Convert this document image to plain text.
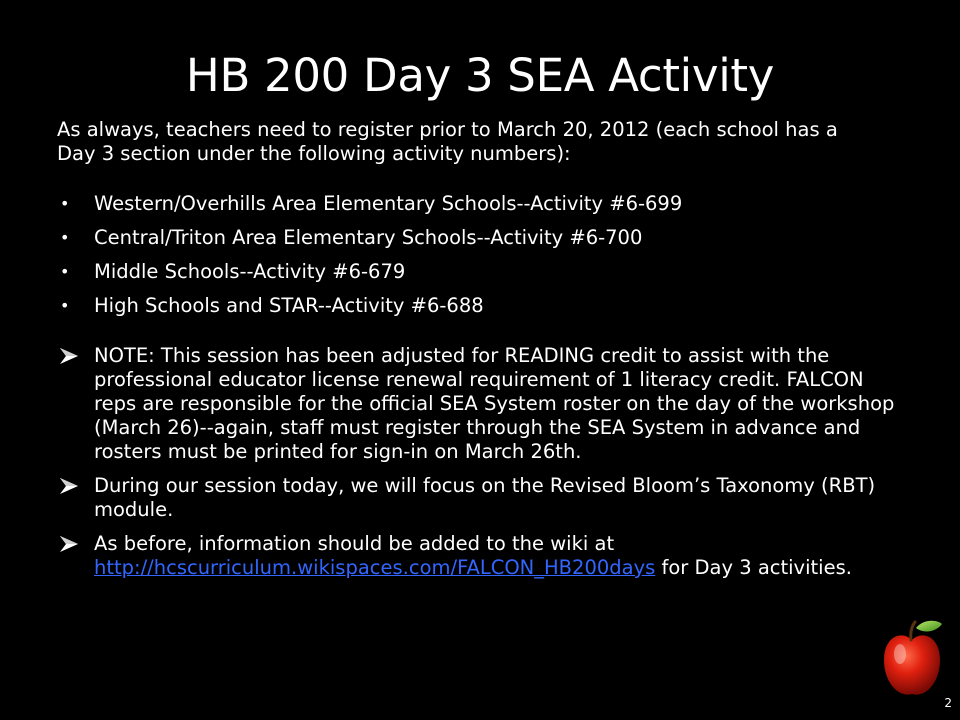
HB 200 Day 3 SEA Activity

As always, teachers need to register prior to March 20, 2012 (each school has a Day 3 section under the following activity numbers):

• Western/Overhills Area Elementary Schools--Activity #6-699
• Central/Triton Area Elementary Schools--Activity #6-700
• Middle Schools--Activity #6-679
• High Schools and STAR--Activity #6-688
NOTE: This session has been adjusted for READING credit to assist with the professional educator license renewal requirement of 1 literacy credit. FALCON reps are responsible for the official SEA System roster on the day of the workshop (March 26)--again, staff must register through the SEA System in advance and rosters must be printed for sign-in on March 26th.
During our session today, we will focus on the Revised Bloom’s Taxonomy (RBT) module.
As before, information should be added to the wiki at http://hcscurriculum.wikispaces.com/FALCON_HB200days for Day 3 activities.
2
